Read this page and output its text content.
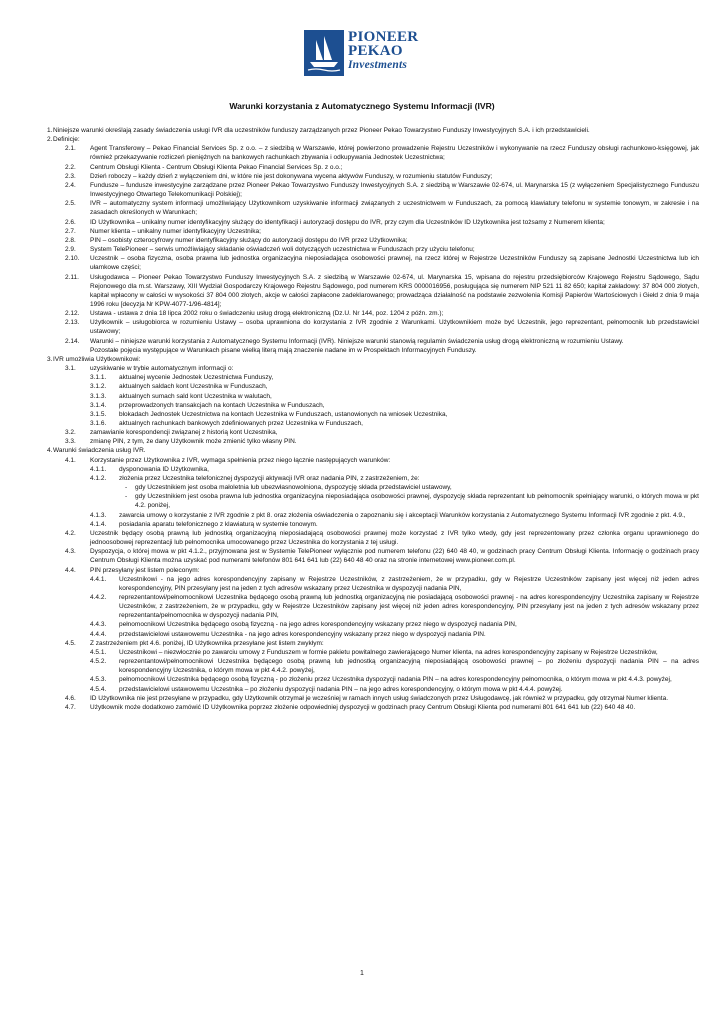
PIONEER
PEKAO
Investments
Warunki korzystania z Automatycznego Systemu Informacji (IVR)
1. Niniejsze warunki określają zasady świadczenia usługi IVR dla uczestników funduszy zarządzanych przez Pioneer Pekao Towarzystwo Funduszy Inwestycyjnych S.A. i ich przedstawicieli.
2. Definicje:
2.1. Agent Transferowy – Pekao Financial Services Sp. z o.o. – z siedzibą w Warszawie, której powierzono prowadzenie Rejestru Uczestników i wykonywanie na rzecz Funduszy obsługi rachunkowo-księgowej, jak również przekazywanie rozliczeń pieniężnych na bankowych rachunkach zbywania i odkupywania Jednostek Uczestnictwa;
2.2. Centrum Obsługi Klienta - Centrum Obsługi Klienta Pekao Financial Services Sp. z o.o.;
2.3. Dzień roboczy – każdy dzień z wyłączeniem dni, w które nie jest dokonywana wycena aktywów Funduszy, w rozumieniu statutów Funduszy;
2.4. Fundusze – fundusze inwestycyjne zarządzane przez Pioneer Pekao Towarzystwo Funduszy Inwestycyjnych S.A. z siedzibą w Warszawie 02-674, ul. Marynarska 15 (z wyłączeniem Specjalistycznego Funduszu Inwestycyjnego Otwartego Telekomunikacji Polskiej);
2.5. IVR – automatyczny system informacji umożliwiający Użytkownikom uzyskiwanie informacji związanych z uczestnictwem w Funduszach, za pomocą klawiatury telefonu w systemie tonowym, w zakresie i na zasadach określonych w Warunkach;
2.6. ID Użytkownika – unikalny numer identyfikacyjny służący do identyfikacji i autoryzacji dostępu do IVR, przy czym dla Uczestników ID Użytkownika jest tożsamy z Numerem klienta;
2.7. Numer klienta – unikalny numer identyfikacyjny Uczestnika;
2.8. PIN – osobisty czterocyfrowy numer identyfikacyjny służący do autoryzacji dostępu do IVR przez Użytkownika;
2.9. System TelePioneer – serwis umożliwiający składanie oświadczeń woli dotyczących uczestnictwa w Funduszach przy użyciu telefonu;
2.10. Uczestnik – osoba fizyczna, osoba prawna lub jednostka organizacyjna nieposiadająca osobowości prawnej, na rzecz której w Rejestrze Uczestników Funduszy są zapisane Jednostki Uczestnictwa lub ich ułamkowe części;
2.11. Usługodawca – Pioneer Pekao Towarzystwo Funduszy Inwestycyjnych S.A. z siedzibą w Warszawie 02-674, ul. Marynarska 15, wpisana do rejestru przedsiębiorców Krajowego Rejestru Sądowego, Sądu Rejonowego dla m.st. Warszawy, XIII Wydział Gospodarczy Krajowego Rejestru Sądowego, pod numerem KRS 0000016956, posługująca się numerem NIP 521 11 82 650; kapitał zakładowy: 37 804 000 złotych, kapitał wpłacony w całości w wysokości 37 804 000 złotych, akcje w całości zapłacone zadeklarowanego; prowadząca działalność na podstawie zezwolenia Komisji Papierów Wartościowych i Giełd z dnia 9 maja 1996 roku [decyzja Nr KPW-4077-1/96-4814];
2.12. Ustawa - ustawa z dnia 18 lipca 2002 roku o świadczeniu usług drogą elektroniczną (Dz.U. Nr 144, poz. 1204 z późn. zm.);
2.13. Użytkownik – usługobiorca w rozumieniu Ustawy – osoba uprawniona do korzystania z IVR zgodnie z Warunkami. Użytkownikiem może być Uczestnik, jego reprezentant, pełnomocnik lub przedstawiciel ustawowy;
2.14. Warunki – niniejsze warunki korzystania z Automatycznego Systemu Informacji (IVR). Niniejsze warunki stanowią regulamin świadczenia usług drogą elektroniczną w rozumieniu Ustawy.
Pozostałe pojęcia występujące w Warunkach pisane wielką literą mają znaczenie nadane im w Prospektach Informacyjnych Funduszy.
3. IVR umożliwia Użytkownikowi:
3.1. uzyskiwanie w trybie automatycznym informacji o:
3.1.1. aktualnej wycenie Jednostek Uczestnictwa Funduszy,
3.1.2. aktualnych saldach kont Uczestnika w Funduszach,
3.1.3. aktualnych sumach sald kont Uczestnika w walutach,
3.1.4. przeprowadzonych transakcjach na kontach Uczestnika w Funduszach,
3.1.5. blokadach Jednostek Uczestnictwa na kontach Uczestnika w Funduszach, ustanowionych na wniosek Uczestnika,
3.1.6. aktualnych rachunkach bankowych zdefiniowanych przez Uczestnika w Funduszach,
3.2. zamawianie korespondencji związanej z historią kont Uczestnika,
3.3. zmianę PIN, z tym, że dany Użytkownik może zmienić tylko własny PIN.
4. Warunki świadczenia usług IVR.
4.1. Korzystanie przez Użytkownika z IVR, wymaga spełnienia przez niego łącznie następujących warunków:
4.1.1. dysponowania ID Użytkownika,
4.1.2. złożenia przez Uczestnika telefonicznej dyspozycji aktywacji IVR oraz nadania PIN, z zastrzeżeniem, że:
- gdy Uczestnikiem jest osoba małoletnia lub ubezwłasnowolniona, dyspozycję składa przedstawiciel ustawowy,
- gdy Uczestnikiem jest osoba prawna lub jednostka organizacyjna nieposiadająca osobowości prawnej, dyspozycję składa reprezentant lub pełnomocnik spełniający warunki, o których mowa w pkt 4.2. poniżej,
4.1.3. zawarcia umowy o korzystanie z IVR zgodnie z pkt 8. oraz złożenia oświadczenia o zapoznaniu się i akceptacji Warunków korzystania z Automatycznego Systemu Informacji IVR zgodnie z pkt. 4.9.,
4.1.4. posiadania aparatu telefonicznego z klawiaturą w systemie tonowym.
4.2. Uczestnik będący osobą prawną lub jednostką organizacyjną nieposiadającą osobowości prawnej może korzystać z IVR tylko wtedy, gdy jest reprezentowany przez członka organu uprawnionego do jednoosobowej reprezentacji lub pełnomocnika umocowanego przez Uczestnika do korzystania z tej usługi.
4.3. Dyspozycja, o której mowa w pkt 4.1.2., przyjmowana jest w Systemie TelePioneer wyłącznie pod numerem telefonu (22) 640 48 40, w godzinach pracy Centrum Obsługi Klienta. Informację o godzinach pracy Centrum Obsługi Klienta można uzyskać pod numerami telefonów 801 641 641 lub (22) 640 48 40 oraz na stronie internetowej www.pioneer.com.pl.
4.4. PIN przesyłany jest listem poleconym:
4.4.1. Uczestnikowi - na jego adres korespondencyjny zapisany w Rejestrze Uczestników, z zastrzeżeniem, że w przypadku, gdy w Rejestrze Uczestników zapisany jest więcej niż jeden adres korespondencyjny, PIN przesyłany jest na jeden z tych adresów wskazany przez Uczestnika w dyspozycji nadania PIN,
4.4.2. reprezentantowi/pełnomocnikowi Uczestnika będącego osobą prawną lub jednostką organizacyjną nie posiadającą osobowości prawnej - na adres korespondencyjny Uczestnika zapisany w Rejestrze Uczestników, z zastrzeżeniem, że w przypadku, gdy w Rejestrze Uczestników zapisany jest więcej niż jeden adres korespondencyjny, PIN przesyłany jest na jeden z tych adresów wskazany przez reprezentanta/pełnomocnika w dyspozycji nadania PIN,
4.4.3. pełnomocnikowi Uczestnika będącego osobą fizyczną - na jego adres korespondencyjny wskazany przez niego w dyspozycji nadania PIN,
4.4.4. przedstawicielowi ustawowemu Uczestnika - na jego adres korespondencyjny wskazany przez niego w dyspozycji nadania PIN.
4.5. Z zastrzeżeniem pkt 4.6. poniżej, ID Użytkownika przesyłane jest listem zwykłym:
4.5.1. Uczestnikowi – niezwłocznie po zawarciu umowy z Funduszem w formie pakietu powitalnego zawierającego Numer klienta, na adres korespondencyjny zapisany w Rejestrze Uczestników,
4.5.2. reprezentantowi/pełnomocnikowi Uczestnika będącego osobą prawną lub jednostką organizacyjną nieposiadającą osobowości prawnej – po złożeniu dyspozycji nadania PIN – na adres korespondencyjny Uczestnika, o którym mowa w pkt 4.4.2. powyżej,
4.5.3. pełnomocnikowi Uczestnika będącego osobą fizyczną - po złożeniu przez Uczestnika dyspozycji nadania PIN – na adres korespondencyjny pełnomocnika, o którym mowa w pkt 4.4.3. powyżej,
4.5.4. przedstawicielowi ustawowemu Uczestnika – po złożeniu dyspozycji nadania PIN – na jego adres korespondencyjny, o którym mowa w pkt 4.4.4. powyżej.
4.6. ID Użytkownika nie jest przesyłane w przypadku, gdy Użytkownik otrzymał je wcześniej w ramach innych usług świadczonych przez Usługodawcę, jak również w przypadku, gdy otrzymał Numer klienta.
4.7. Użytkownik może dodatkowo zamówić ID Użytkownika poprzez złożenie odpowiedniej dyspozycji w godzinach pracy Centrum Obsługi Klienta pod numerami 801 641 641 lub (22) 640 48 40.
1
